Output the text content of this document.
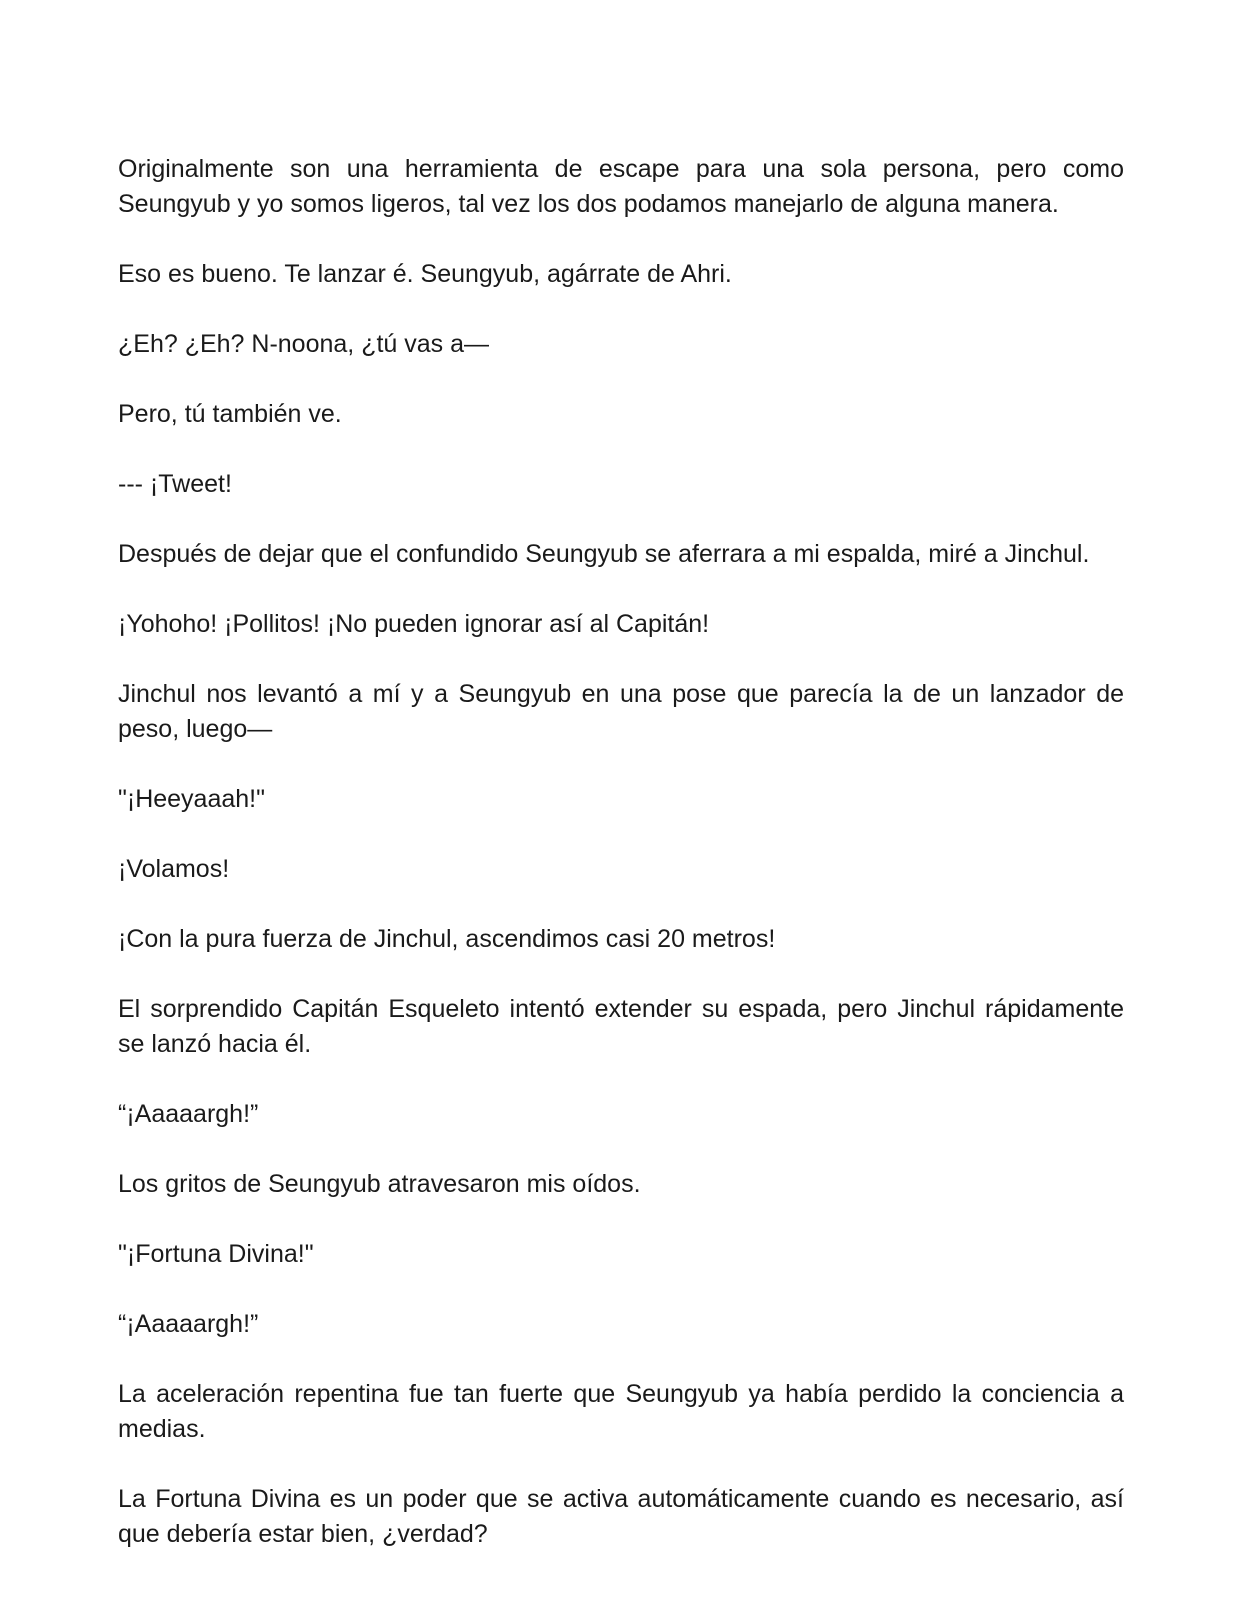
Originalmente son una herramienta de escape para una sola persona, pero como Seungyub y yo somos ligeros, tal vez los dos podamos manejarlo de alguna manera.

Eso es bueno. Te lanzar é. Seungyub, agárrate de Ahri.

¿Eh? ¿Eh? N-noona, ¿tú vas a—

Pero, tú también ve.

--- ¡Tweet!

Después de dejar que el confundido Seungyub se aferrara a mi espalda, miré a Jinchul.

¡Yohoho! ¡Pollitos! ¡No pueden ignorar así al Capitán!

Jinchul nos levantó a mí y a Seungyub en una pose que parecía la de un lanzador de peso, luego—

"¡Heeyaaah!"

¡Volamos!

¡Con la pura fuerza de Jinchul, ascendimos casi 20 metros!

El sorprendido Capitán Esqueleto intentó extender su espada, pero Jinchul rápidamente se lanzó hacia él.

“¡Aaaaargh!”

Los gritos de Seungyub atravesaron mis oídos.

"¡Fortuna Divina!"

“¡Aaaaargh!”

La aceleración repentina fue tan fuerte que Seungyub ya había perdido la conciencia a medias.

La Fortuna Divina es un poder que se activa automáticamente cuando es necesario, así que debería estar bien, ¿verdad?
